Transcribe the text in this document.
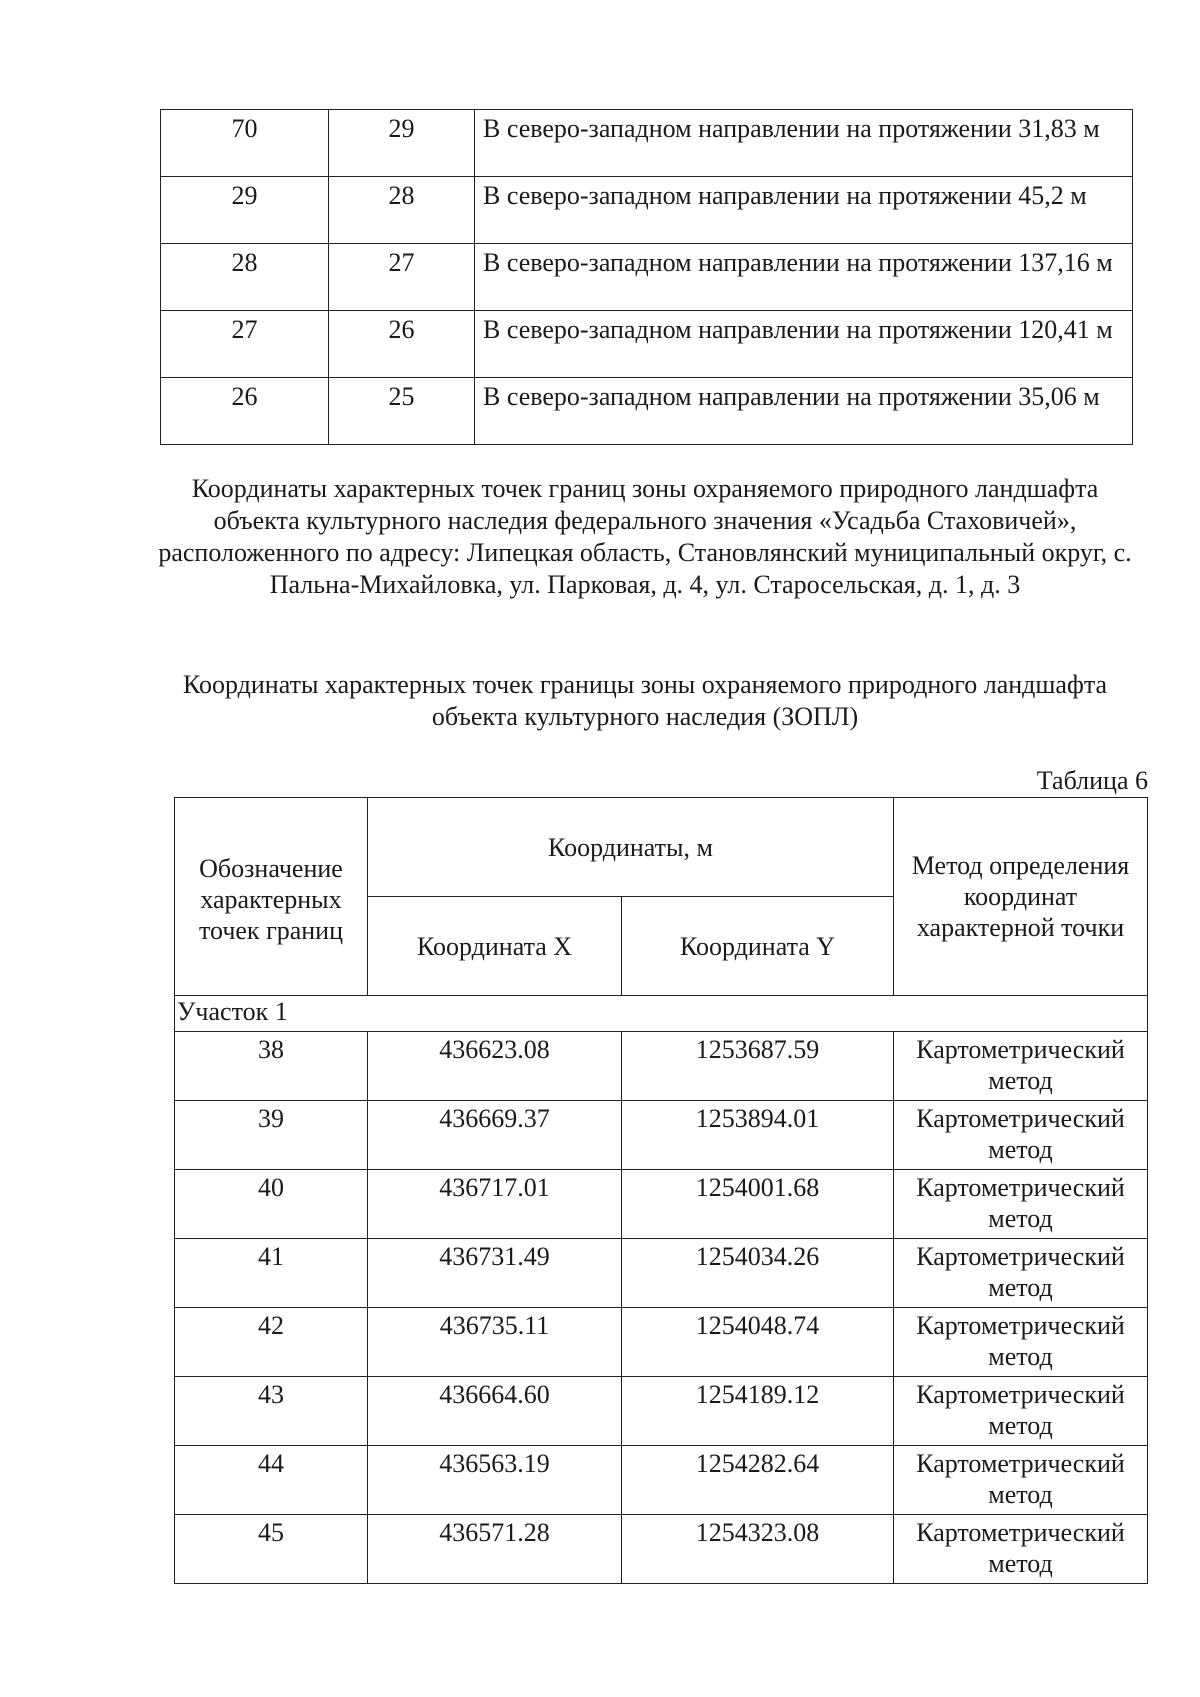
70	29	В северо-западном направлении на протяжении 31,83 м
29	28	В северо-западном направлении на протяжении 45,2 м
28	27	В северо-западном направлении на протяжении 137,16 м
27	26	В северо-западном направлении на протяжении 120,41 м
26	25	В северо-западном направлении на протяжении 35,06 м

Координаты характерных точек границ зоны охраняемого природного ландшафта объекта культурного наследия федерального значения «Усадьба Стаховичей», расположенного по адресу: Липецкая область, Становлянский муниципальный округ, с. Пальна-Михайловка, ул. Парковая, д. 4, ул. Старосельская, д. 1, д. 3

Координаты характерных точек границы зоны охраняемого природного ландшафта объекта культурного наследия (ЗОПЛ)

Таблица 6
Обозначение характерных точек границ	Координаты, м		Метод определения координат характерной точки
	Координата X	Координата Y	
Участок 1			
38	436623.08	1253687.59	Картометрический метод
39	436669.37	1253894.01	Картометрический метод
40	436717.01	1254001.68	Картометрический метод
41	436731.49	1254034.26	Картометрический метод
42	436735.11	1254048.74	Картометрический метод
43	436664.60	1254189.12	Картометрический метод
44	436563.19	1254282.64	Картометрический метод
45	436571.28	1254323.08	Картометрический метод
